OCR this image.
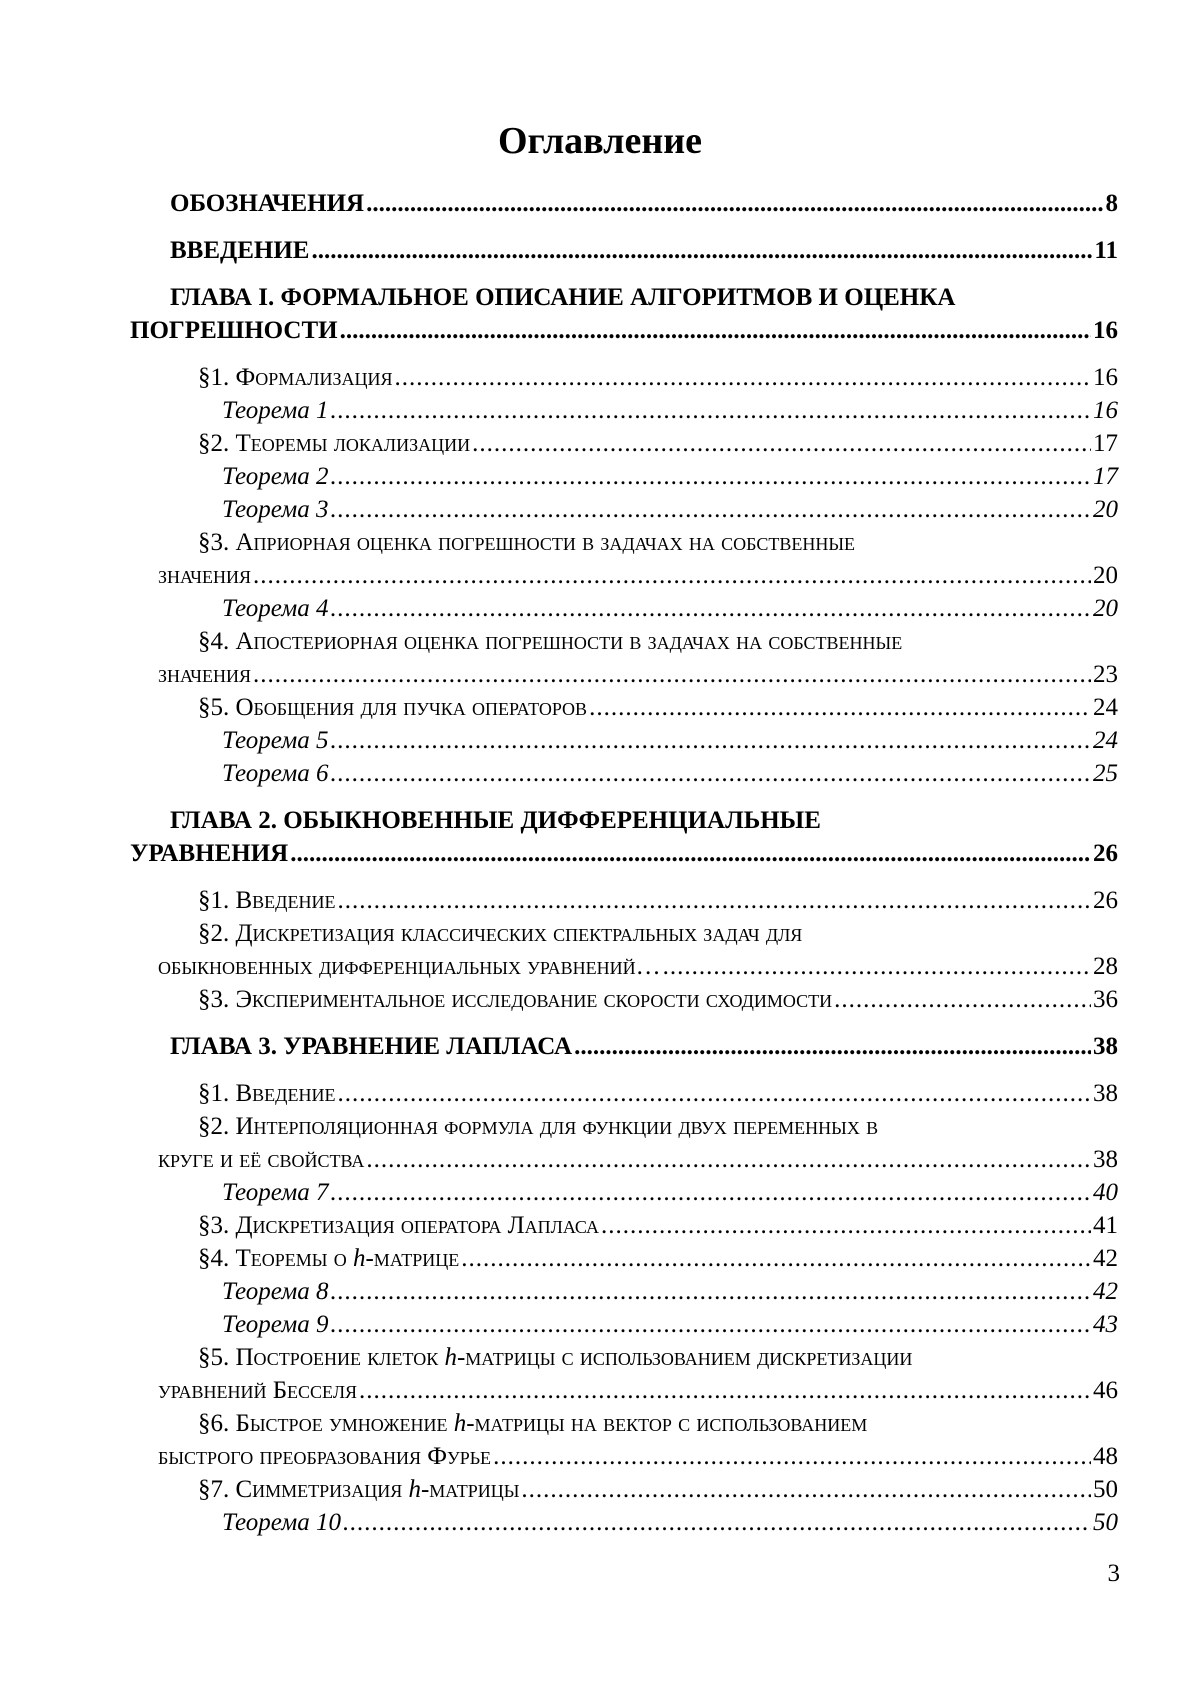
Оглавление
ОБОЗНАЧЕНИЯ .....	8
ВВЕДЕНИЕ .....	11
ГЛАВА I. ФОРМАЛЬНОЕ ОПИСАНИЕ АЛГОРИТМОВ И ОЦЕНКА
ПОГРЕШНОСТИ .....	16
§1. Формализация .....	16
Теорема 1 .....	16
§2. Теоремы локализации .....	17
Теорема 2 .....	17
Теорема 3 .....	20
§3. Априорная оценка погрешности в задачах на собственные
значения .....	20
Теорема 4 .....	20
§4. Апостериорная оценка погрешности в задачах на собственные
значения .....	23
§5. Обобщения для пучка операторов .....	24
Теорема 5 .....	24
Теорема 6 .....	25
ГЛАВА 2. ОБЫКНОВЕННЫЕ ДИФФЕРЕНЦИАЛЬНЫЕ
УРАВНЕНИЯ .....	26
§1. Введение .....	26
§2. Дискретизация классических спектральных задач для
обыкновенных дифференциальных уравнений… .....	28
§3. Экспериментальное исследование скорости сходимости .....	36
ГЛАВА 3. УРАВНЕНИЕ ЛАПЛАСА .....	38
§1. Введение .....	38
§2. Интерполяционная формула для функции двух переменных в
круге и её свойства .....	38
Теорема 7 .....	40
§3. Дискретизация оператора Лапласа .....	41
§4. Теоремы о h-матрице .....	42
Теорема 8 .....	42
Теорема 9 .....	43
§5. Построение клеток h-матрицы с использованием дискретизации
уравнений Бесселя .....	46
§6. Быстрое умножение h-матрицы на вектор с использованием
быстрого преобразования Фурье .....	48
§7. Симметризация h-матрицы .....	50
Теорема 10 .....	50
3
